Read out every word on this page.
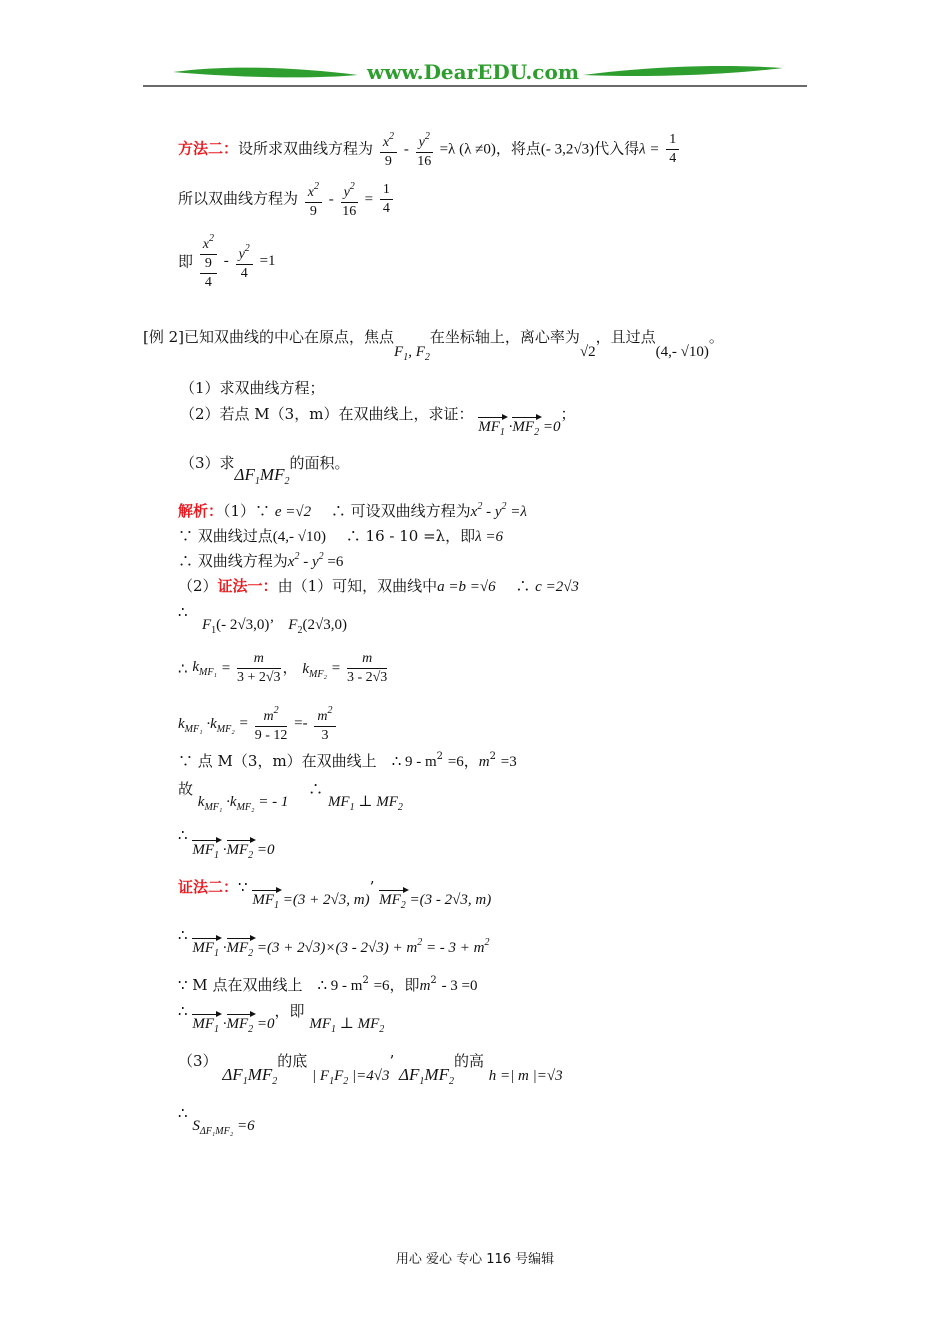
www.DearEDU.com
方法二：设所求双曲线方程为 $\frac{x^2}{9} - \frac{y^2}{16} =\lambda$ (λ ≠0)，将点(- 3,2√3)代入得$\lambda = \frac{1}{4}$
所以双曲线方程为 $\frac{x^2}{9} - \frac{y^2}{16} = \frac{1}{4}$
即
$x^2$
9
4
- $\frac{y^2}{4} =1$
[例 2]已知双曲线的中心在原点，焦点$F_1$, $F_2$在坐标轴上，离心率为√2，且过点(4,- √10)。
（1）求双曲线方程；
（2）若点 M（3，m）在双曲线上，求证： $MF_1 \cdot MF_2 =0$；
（3）求$\Delta F_1MF_2$的面积。
解析：（1）∵ e =√2　 ∴ 可设双曲线方程为$x^2 - y^2 =\lambda$
∵ 双曲线过点(4,- √10)　 ∴ 16 - 10 =λ，即λ =6
∴ 双曲线方程为$x^2 - y^2 =6$
（2）证法一：由（1）可知，双曲线中a =b =√6　 ∴ c =2√3
∴
$F_1(-$ 2√3,0)’　 $F_2(2√3,0)$
∴ $k_{MF_1} = \frac{m}{3 + 2√3}$ ， $k_{MF_2} = \frac{m}{3 - 2√3}$
$k_{MF_1} \cdot k_{MF_2} = \frac{m^2}{9 - 12} =- \frac{m^2}{3}$
∵ 点 M（3，m）在双曲线上　 ∴ $9 - m^2 =6$，$m^2 =3$
故 $k_{MF_1} \cdot k_{MF_2}$ = - 1　 ∴ $MF_1$ ⊥ $MF_2$
∴ $MF_1 \cdot MF_2 =0$
证法二：∵ $MF_1 =(3 + 2√3$, m)’ $MF_2 =(3 - 2√3$, m)
∴ $MF_1 \cdot MF_2 =(3 + 2√3)\times(3 - 2√3) + m^2$ = - $3 + m^2$
∵ M 点在双曲线上　 ∴ $9 - m^2 =6$，即$m^2 - 3 =0$
∴ $MF_1 \cdot MF_2 =0$，即 $MF_1$ ⊥ $MF_2$
（3） $\Delta F_1MF_2$的底 | $F_1F_2$ |=4√3’ $\Delta F_1MF_2$的高 h =| m |=√3
∴ $S_{\Delta F_1MF_2} =6$
用心 爱心 专心 116 号编辑
